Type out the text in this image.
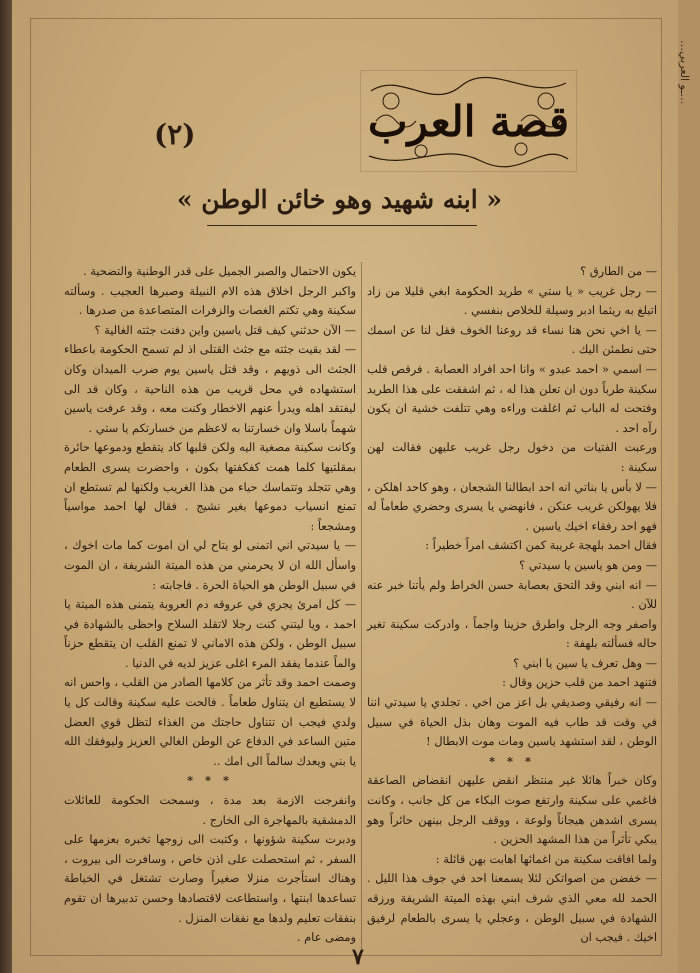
قصة العرب
(٢)
« ابنه شهيد وهو خائن الوطن »

— من الطارق ؟

— رجل غريب « يا ستي » طريد الحكومة ابغي قليلا من زاد اتبلغ به ريثما ادبر وسيلة للخلاص بنفسي .

— يا اخي نحن هنا نساء قد روعنا الخوف فقل لنا عن اسمك حتى نطمئن اليك .

— اسمي « احمد عبدو » وانا احد افراد العصابة . فرقص قلب سكينة طرباً دون ان تعلن هذا له ، ثم اشفقت على هذا الطريد وفتحت له الباب ثم اغلقت وراءه وهي تتلفت خشية ان يكون رآه احد .

ورعبت الفتيات من دخول رجل غريب عليهن فقالت لهن سكينة :

— لا بأس يا بناتي انه احد ابطالنا الشجعان ، وهو كاحد اهلكن ، فلا يهولكن غريب عنكن ، فانهضي يا يسرى وحضري طعاماً له فهو احد رفقاء اخيك ياسين .

فقال احمد بلهجة غريبة كمن اكتشف امراً خطيراً :

— ومن هو ياسين يا سيدتي ؟

— انه ابني وقد التحق بعصابة حسن الخراط ولم يأتنا خبر عنه للآن .

واصفر وجه الرجل واطرق حزينا واجماً ، وادركت سكينة تغير حاله فسألته بلهفة :

— وهل تعرف يا سين يا ابني ؟

فتنهد احمد من قلب حزين وقال :

— انه رفيقي وصديقي بل اعز من اخي . تجلدي يا سيدتي اننا في وقت قد طاب فيه الموت وهان بذل الحياة في سبيل الوطن ، لقد استشهد ياسين ومات موت الابطال !

* * *

وكان خبراً هائلا غير منتظر انقض عليهن انقضاض الصاعقة فاغمي على سكينة وارتفع صوت البكاء من كل جانب ، وكانت يسرى اشدهن هيجاناً ولوعة ، ووقف الرجل بينهن حائراً وهو يبكي تأثراً من هذا المشهد الحزين .

ولما افاقت سكينة من اغمائها اهابت بهن قائلة :

— خفضن من اصواتكن لئلا يسمعنا احد في جوف هذا الليل . الحمد لله معي الذي شرف ابني بهذه الميتة الشريفة ورزقه الشهادة في سبيل الوطن ، وعجلي يا يسرى بالطعام لرفيق اخيك . فيجب ان

يكون الاحتمال والصبر الجميل على قدر الوطنية والتضحية .

واكبر الرجل اخلاق هذه الام النبيلة وصبرها العجيب . وسألته سكينة وهي تكتم الغصات والزفرات المتصاعدة من صدرها .

— الآن حدثني كيف قتل ياسين واين دفنت جثته الغالية ؟

— لقد بقيت جثته مع جثث القتلى اذ لم تسمح الحكومة باعطاء الجثث الى ذويهم ، وقد قتل ياسين يوم ضرب الميدان وكان استشهاده في محل قريب من هذه الناحية ، وكان قد الى ليفتقد اهله ويدرأ عنهم الاخطار وكنت معه ، وقد عرفت ياسين شهماً باسلا وان خسارتنا به لاعظم من خسارتكم يا ستي .

وكانت سكينة مصغية اليه ولكن قلبها كاد يتقطع ودموعها حائرة بمقلتيها كلما همت كفكفتها بكون ، واحضرت يسرى الطعام وهي تتجلد وتتماسك حياء من هذا الغريب ولكنها لم تستطع ان تمنع انسياب دموعها بغير نشيج . فقال لها احمد مواسياً ومشجعاً :

— يا سيدتي اني اتمنى لو يتاح لي ان اموت كما مات اخوك ، واسأل الله ان لا يحرمني من هذه الميتة الشريفة ، ان الموت في سبيل الوطن هو الحياة الحرة . فاجابته :

— كل امرئ يجري في عروقه دم العروبة يتمنى هذه الميتة يا احمد ، ويا ليتني كنت رجلا لاتقلد السلاح واحظى بالشهادة في سبيل الوطن ، ولكن هذه الاماني لا تمنع القلب ان يتقطع حزناً والماً عندما يفقد المرء اغلى عزيز لديه في الدنيا .

وصمت احمد وقد تأثر من كلامها الصادر من القلب ، واحس انه لا يستطيع ان يتناول طعاماً . فالحت عليه سكينة وقالت كل يا ولدي فيجب ان تتناول حاجتك من الغذاء لتظل قوي العضل متين الساعد في الدفاع عن الوطن الغالي العزيز وليوفقك الله يا بني ويعدك سالماً الى امك ..

* * *

وانفرجت الازمة بعد مدة ، وسمحت الحكومة للعائلات الدمشقية بالمهاجرة الى الخارج .

ودبرت سكينة شؤونها ، وكتبت الى زوجها تخبره بعزمها على السفر ، ثم استحصلت على اذن خاص ، وسافرت الى بيروت ، وهناك استأجرت منزلا صغيراً وصارت تشتغل في الخياطة تساعدها ابنتها ، واستطاعت لاقتصادها وحسن تدبيرها ان تقوم بنفقات تعليم ولدها مع نفقات المنزل .

ومضى عام .

٧
…ـو العربي…
